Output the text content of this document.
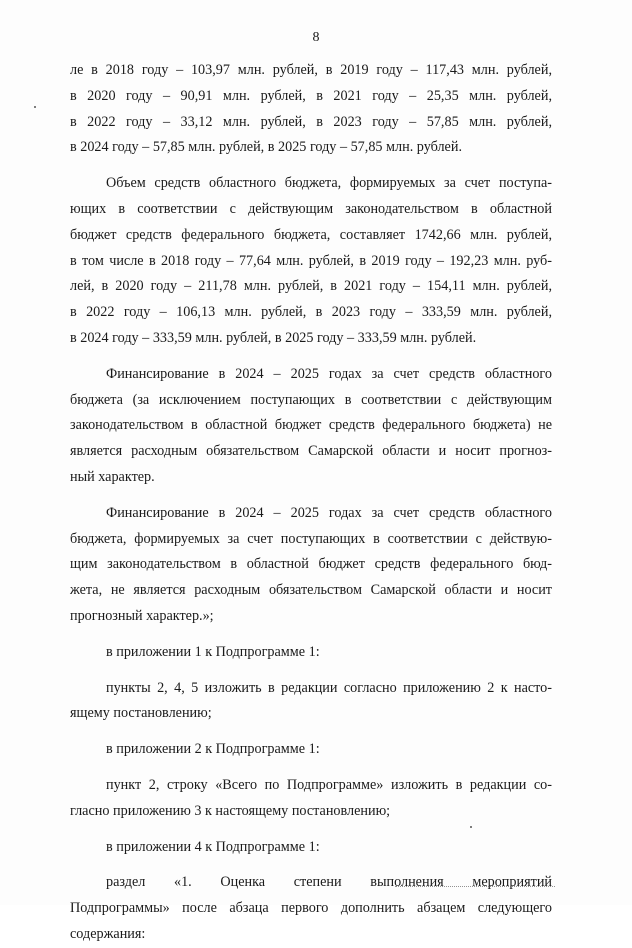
8
ле в 2018 году – 103,97 млн. рублей, в 2019 году – 117,43 млн. рублей,
в 2020 году – 90,91 млн. рублей, в 2021 году – 25,35 млн. рублей,
в 2022 году – 33,12 млн. рублей, в 2023 году – 57,85 млн. рублей,
в 2024 году – 57,85 млн. рублей, в 2025 году – 57,85 млн. рублей.
Объем средств областного бюджета, формируемых за счет поступа-
ющих в соответствии с действующим законодательством в областной
бюджет средств федерального бюджета, составляет 1742,66 млн. рублей,
в том числе в 2018 году – 77,64 млн. рублей, в 2019 году – 192,23 млн. руб-
лей, в 2020 году – 211,78 млн. рублей, в 2021 году – 154,11 млн. рублей,
в 2022 году – 106,13 млн. рублей, в 2023 году – 333,59 млн. рублей,
в 2024 году – 333,59 млн. рублей, в 2025 году – 333,59 млн. рублей.
Финансирование в 2024 – 2025 годах за счет средств областного
бюджета (за исключением поступающих в соответствии с действующим
законодательством в областной бюджет средств федерального бюджета) не
является расходным обязательством Самарской области и носит прогноз-
ный характер.
Финансирование в 2024 – 2025 годах за счет средств областного
бюджета, формируемых за счет поступающих в соответствии с действую-
щим законодательством в областной бюджет средств федерального бюд-
жета, не является расходным обязательством Самарской области и носит
прогнозный характер.»;
в приложении 1 к Подпрограмме 1:
пункты 2, 4, 5 изложить в редакции согласно приложению 2 к насто-
ящему постановлению;
в приложении 2 к Подпрограмме 1:
пункт 2, строку «Всего по Подпрограмме» изложить в редакции со-
гласно приложению 3 к настоящему постановлению;
в приложении 4 к Подпрограмме 1:
раздел «1. Оценка степени выполнения мероприятий
Подпрограммы» после абзаца первого дополнить абзацем следующего
содержания:
